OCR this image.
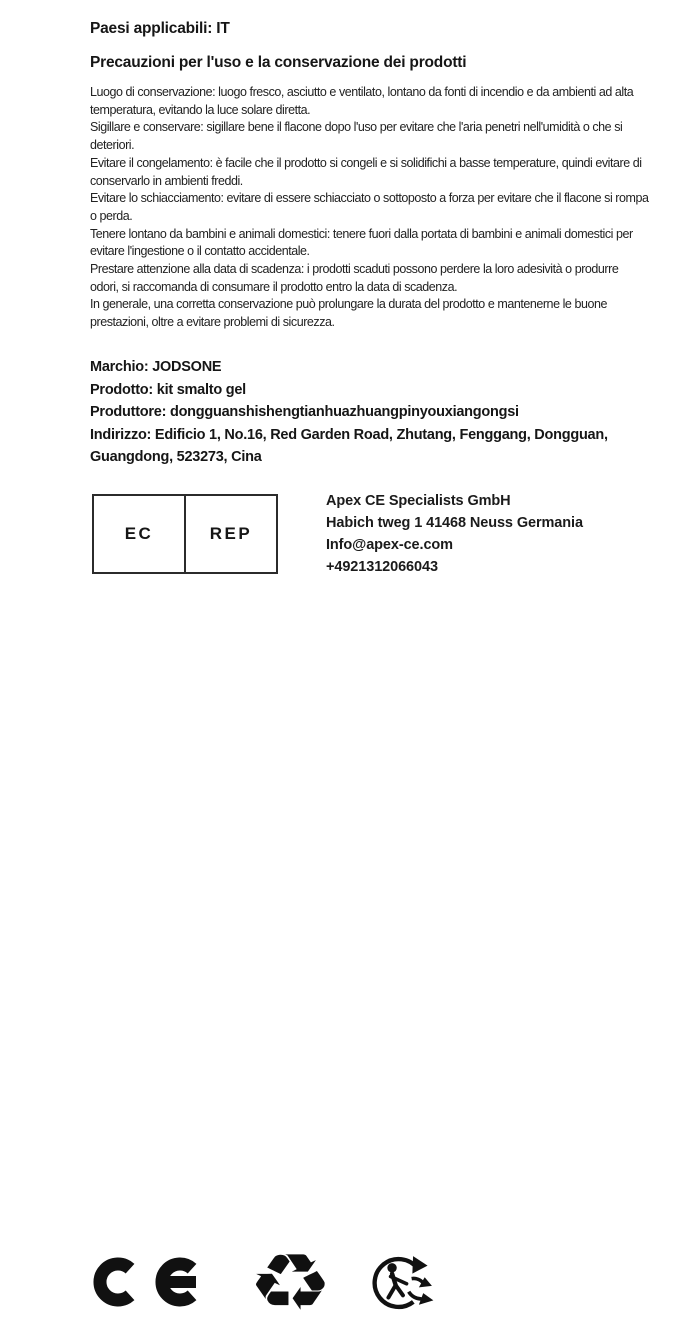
Paesi applicabili: IT
Precauzioni per l'uso e la conservazione dei prodotti
Luogo di conservazione: luogo fresco, asciutto e ventilato, lontano da fonti di incendio e da ambienti ad alta
temperatura, evitando la luce solare diretta.
Sigillare e conservare: sigillare bene il flacone dopo l'uso per evitare che l'aria penetri nell'umidità o che si
deteriori.
Evitare il congelamento: è facile che il prodotto si congeli e si solidifichi a basse temperature, quindi evitare di
conservarlo in ambienti freddi.
Evitare lo schiacciamento: evitare di essere schiacciato o sottoposto a forza per evitare che il flacone si rompa
o perda.
Tenere lontano da bambini e animali domestici: tenere fuori dalla portata di bambini e animali domestici per
evitare l'ingestione o il contatto accidentale.
Prestare attenzione alla data di scadenza: i prodotti scaduti possono perdere la loro adesività o produrre
odori, si raccomanda di consumare il prodotto entro la data di scadenza.
In generale, una corretta conservazione può prolungare la durata del prodotto e mantenerne le buone
prestazioni, oltre a evitare problemi di sicurezza.

Marchio: JODSONE

Prodotto: kit smalto gel

Produttore: dongguanshishengtianhuazhuangpinyouxiangongsi

Indirizzo: Edificio 1, No.16, Red Garden Road, Zhutang, Fenggang, Dongguan, Guangdong, 523273, Cina

EC	REP
Apex CE Specialists GmbH
Habich tweg 1 41468 Neuss Germania
Info@apex-ce.com
+4921312066043
♻
